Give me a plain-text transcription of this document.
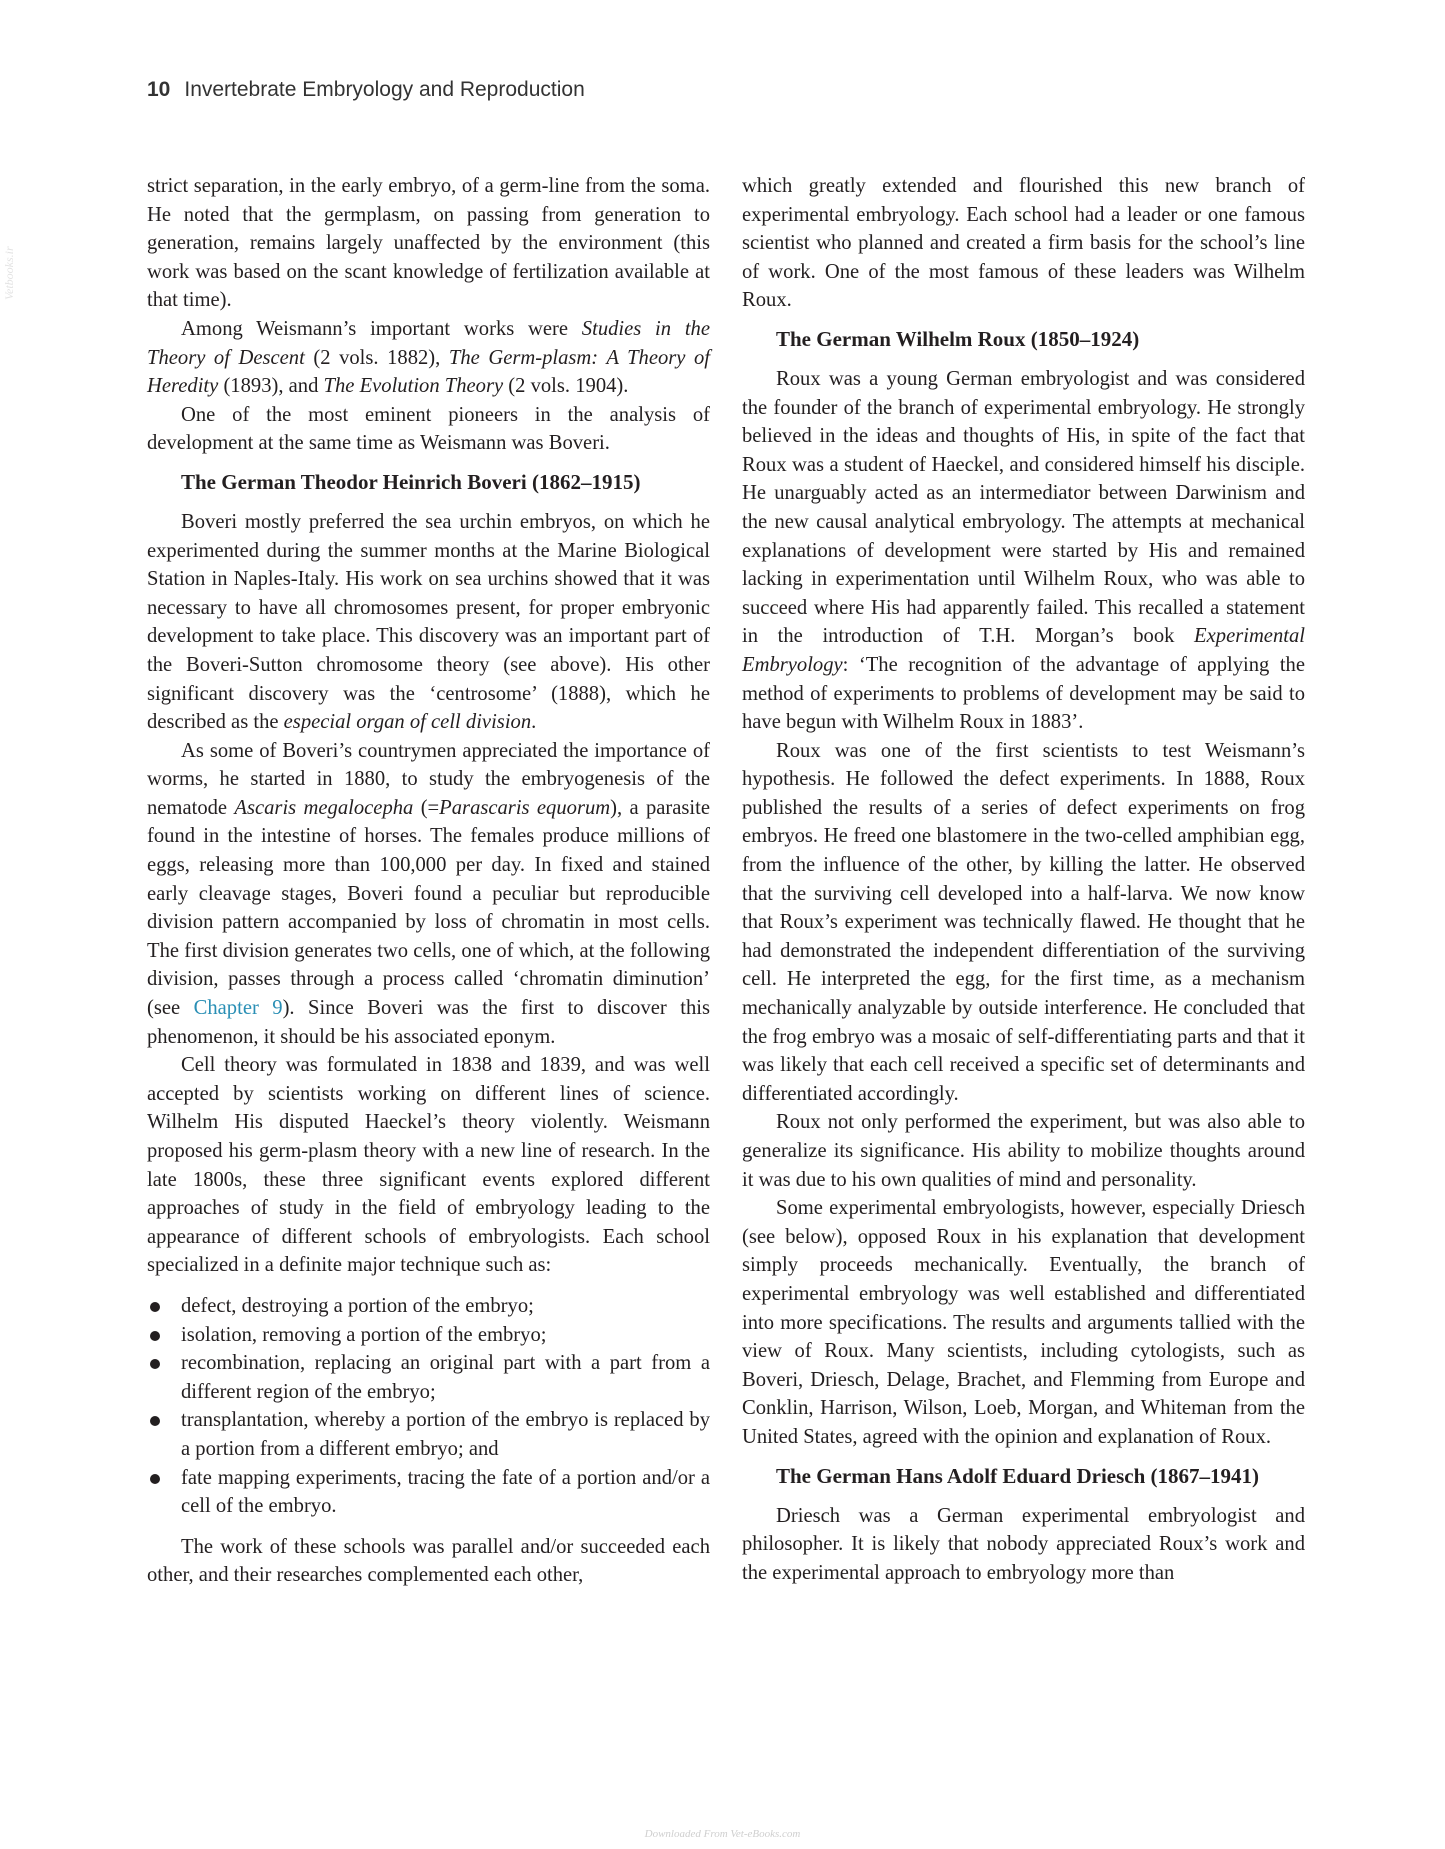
10 Invertebrate Embryology and Reproduction
Vetbooks.ir

strict separation, in the early embryo, of a germ-line from the soma. He noted that the germplasm, on passing from generation to generation, remains largely unaffected by the environment (this work was based on the scant knowledge of fertilization available at that time).

Among Weismann’s important works were Studies in the Theory of Descent (2 vols. 1882), The Germ-plasm: A Theory of Heredity (1893), and The Evolution Theory (2 vols. 1904).

One of the most eminent pioneers in the analysis of development at the same time as Weismann was Boveri.

The German Theodor Heinrich Boveri (1862–1915)

Boveri mostly preferred the sea urchin embryos, on which he experimented during the summer months at the Marine Biological Station in Naples-Italy. His work on sea urchins showed that it was necessary to have all chromosomes present, for proper embryonic development to take place. This discovery was an important part of the Boveri-Sutton chromosome theory (see above). His other significant discovery was the ‘centrosome’ (1888), which he described as the especial organ of cell division.

As some of Boveri’s countrymen appreciated the importance of worms, he started in 1880, to study the embryogenesis of the nematode Ascaris megalocepha (=Parascaris equorum), a parasite found in the intestine of horses. The females produce millions of eggs, releasing more than 100,000 per day. In fixed and stained early cleavage stages, Boveri found a peculiar but reproducible division pattern accompanied by loss of chromatin in most cells. The first division generates two cells, one of which, at the following division, passes through a process called ‘chromatin diminution’ (see Chapter 9). Since Boveri was the first to discover this phenomenon, it should be his associated eponym.

Cell theory was formulated in 1838 and 1839, and was well accepted by scientists working on different lines of science. Wilhelm His disputed Haeckel’s theory violently. Weismann proposed his germ-plasm theory with a new line of research. In the late 1800s, these three significant events explored different approaches of study in the field of embryology leading to the appearance of different schools of embryologists. Each school specialized in a definite major technique such as:

defect, destroying a portion of the embryo;
isolation, removing a portion of the embryo;
recombination, replacing an original part with a part from a different region of the embryo;
transplantation, whereby a portion of the embryo is replaced by a portion from a different embryo; and
fate mapping experiments, tracing the fate of a portion and/or a cell of the embryo.

The work of these schools was parallel and/or succeeded each other, and their researches complemented each other,

which greatly extended and flourished this new branch of experimental embryology. Each school had a leader or one famous scientist who planned and created a firm basis for the school’s line of work. One of the most famous of these leaders was Wilhelm Roux.

The German Wilhelm Roux (1850–1924)

Roux was a young German embryologist and was considered the founder of the branch of experimental embryology. He strongly believed in the ideas and thoughts of His, in spite of the fact that Roux was a student of Haeckel, and considered himself his disciple. He unarguably acted as an intermediator between Darwinism and the new causal analytical embryology. The attempts at mechanical explanations of development were started by His and remained lacking in experimentation until Wilhelm Roux, who was able to succeed where His had apparently failed. This recalled a statement in the introduction of T.H. Morgan’s book Experimental Embryology: ‘The recognition of the advantage of applying the method of experiments to problems of development may be said to have begun with Wilhelm Roux in 1883’.

Roux was one of the first scientists to test Weismann’s hypothesis. He followed the defect experiments. In 1888, Roux published the results of a series of defect experiments on frog embryos. He freed one blastomere in the two-celled amphibian egg, from the influence of the other, by killing the latter. He observed that the surviving cell developed into a half-larva. We now know that Roux’s experiment was technically flawed. He thought that he had demonstrated the independent differentiation of the surviving cell. He interpreted the egg, for the first time, as a mechanism mechanically analyzable by outside interference. He concluded that the frog embryo was a mosaic of self-differentiating parts and that it was likely that each cell received a specific set of determinants and differentiated accordingly.

Roux not only performed the experiment, but was also able to generalize its significance. His ability to mobilize thoughts around it was due to his own qualities of mind and personality.

Some experimental embryologists, however, especially Driesch (see below), opposed Roux in his explanation that development simply proceeds mechanically. Eventually, the branch of experimental embryology was well established and differentiated into more specifications. The results and arguments tallied with the view of Roux. Many scientists, including cytologists, such as Boveri, Driesch, Delage, Brachet, and Flemming from Europe and Conklin, Harrison, Wilson, Loeb, Morgan, and Whiteman from the United States, agreed with the opinion and explanation of Roux.

The German Hans Adolf Eduard Driesch (1867–1941)

Driesch was a German experimental embryologist and philosopher. It is likely that nobody appreciated Roux’s work and the experimental approach to embryology more than

Downloaded From Vet-eBooks.com
